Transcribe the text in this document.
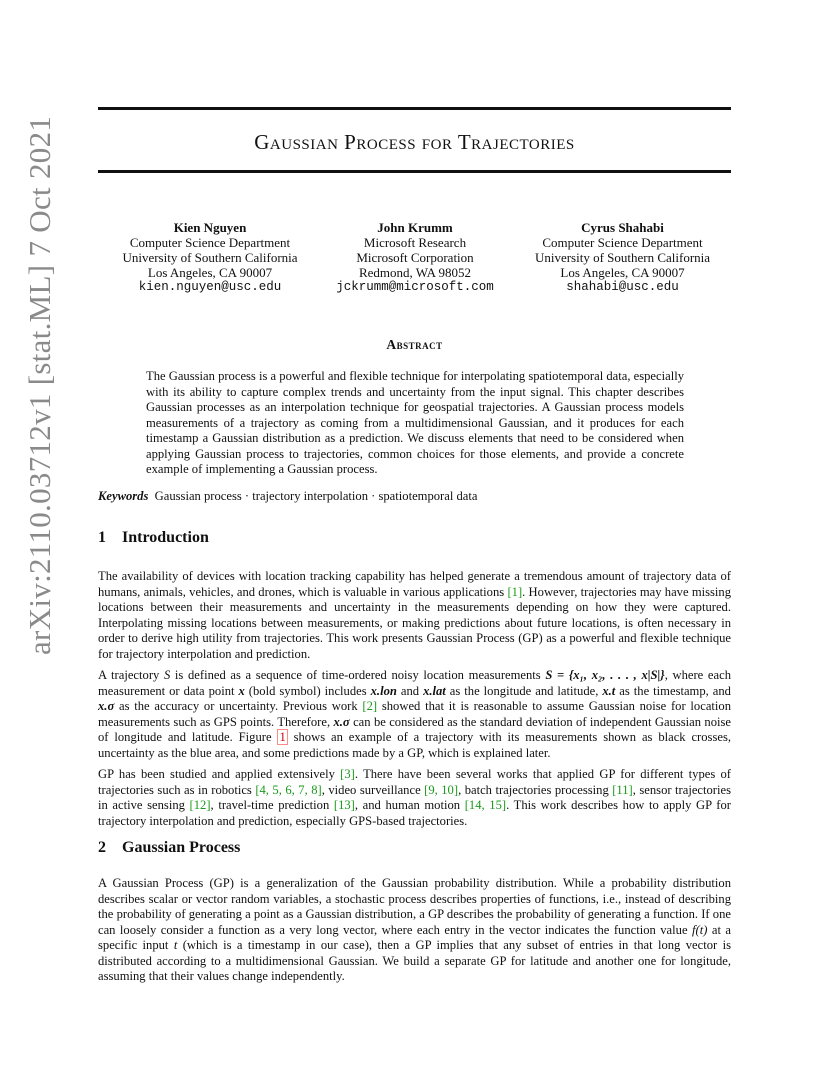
arXiv:2110.03712v1 [stat.ML] 7 Oct 2021	Gaussian Process for Trajectories
Kien Nguyen
Computer Science Department
University of Southern California
Los Angeles, CA 90007
kien.nguyen@usc.edu
John Krumm
Microsoft Research
Microsoft Corporation
Redmond, WA 98052
jckrumm@microsoft.com
Cyrus Shahabi
Computer Science Department
University of Southern California
Los Angeles, CA 90007
shahabi@usc.edu
Abstract
The Gaussian process is a powerful and flexible technique for interpolating spatiotemporal data, especially with its ability to capture complex trends and uncertainty from the input signal. This chapter describes Gaussian processes as an interpolation technique for geospatial trajectories. A Gaussian process models measurements of a trajectory as coming from a multidimensional Gaussian, and it produces for each timestamp a Gaussian distribution as a prediction. We discuss elements that need to be considered when applying Gaussian process to trajectories, common choices for those elements, and provide a concrete example of implementing a Gaussian process.
Keywords Gaussian process · trajectory interpolation · spatiotemporal data
1 Introduction

The availability of devices with location tracking capability has helped generate a tremendous amount of trajectory data of humans, animals, vehicles, and drones, which is valuable in various applications [1]. However, trajectories may have missing locations between their measurements and uncertainty in the measurements depending on how they were captured. Interpolating missing locations between measurements, or making predictions about future locations, is often necessary in order to derive high utility from trajectories. This work presents Gaussian Process (GP) as a powerful and flexible technique for trajectory interpolation and prediction.

A trajectory S is defined as a sequence of time-ordered noisy location measurements S = {x₁, x₂, . . . , x|S|}, where each measurement or data point x (bold symbol) includes x.lon and x.lat as the longitude and latitude, x.t as the timestamp, and x.σ as the accuracy or uncertainty. Previous work [2] showed that it is reasonable to assume Gaussian noise for location measurements such as GPS points. Therefore, x.σ can be considered as the standard deviation of independent Gaussian noise of longitude and latitude. Figure 1 shows an example of a trajectory with its measurements shown as black crosses, uncertainty as the blue area, and some predictions made by a GP, which is explained later.

GP has been studied and applied extensively [3]. There have been several works that applied GP for different types of trajectories such as in robotics [4, 5, 6, 7, 8], video surveillance [9, 10], batch trajectories processing [11], sensor trajectories in active sensing [12], travel-time prediction [13], and human motion [14, 15]. This work describes how to apply GP for trajectory interpolation and prediction, especially GPS-based trajectories.

2 Gaussian Process

A Gaussian Process (GP) is a generalization of the Gaussian probability distribution. While a probability distribution describes scalar or vector random variables, a stochastic process describes properties of functions, i.e., instead of describing the probability of generating a point as a Gaussian distribution, a GP describes the probability of generating a function. If one can loosely consider a function as a very long vector, where each entry in the vector indicates the function value f(t) at a specific input t (which is a timestamp in our case), then a GP implies that any subset of entries in that long vector is distributed according to a multidimensional Gaussian. We build a separate GP for latitude and another one for longitude, assuming that their values change independently.
